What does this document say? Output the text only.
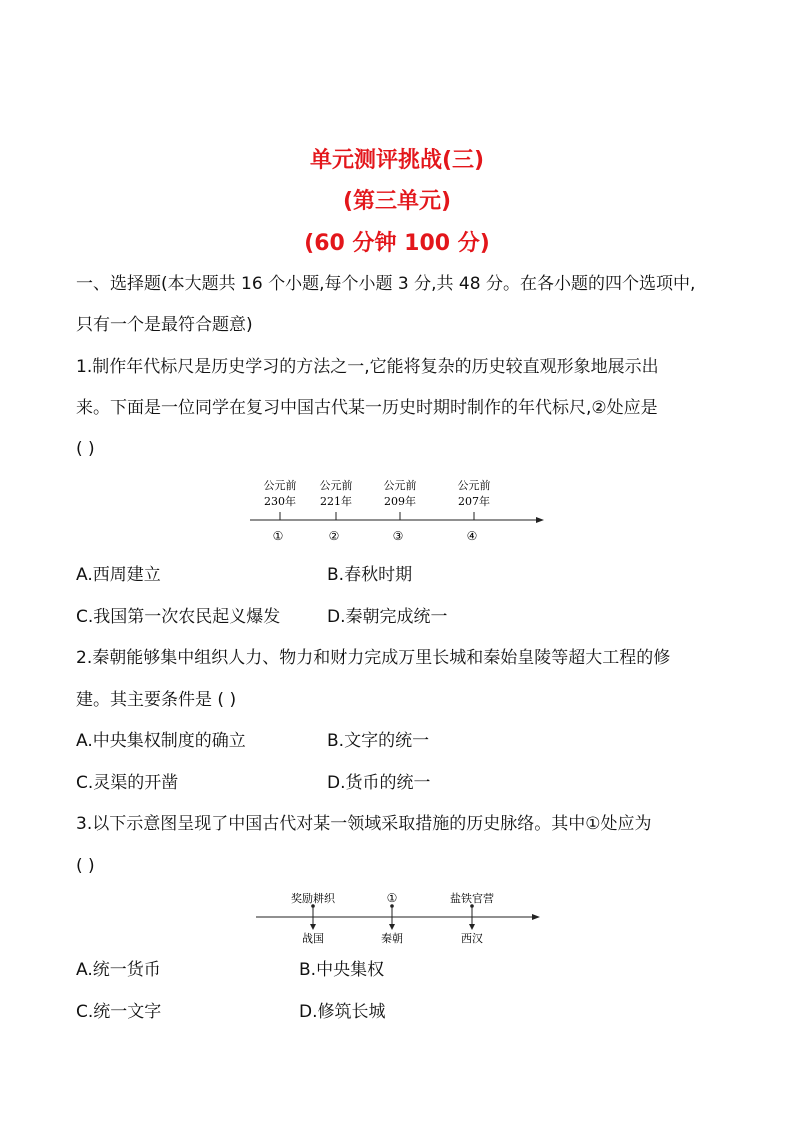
单元测评挑战(三)
(第三单元)
(60 分钟 100 分)
一、选择题(本大题共 16 个小题,每个小题 3 分,共 48 分。在各小题的四个选项中,
只有一个是最符合题意)
1.制作年代标尺是历史学习的方法之一,它能将复杂的历史较直观形象地展示出
来。下面是一位同学在复习中国古代某一历史时期时制作的年代标尺,②处应是
( )
公元前
230年
①
公元前
221年
②
公元前
209年
③
公元前
207年
④
A.西周建立	B.春秋时期
C.我国第一次农民起义爆发	D.秦朝完成统一
2.秦朝能够集中组织人力、物力和财力完成万里长城和秦始皇陵等超大工程的修
建。其主要条件是 ( )
A.中央集权制度的确立	B.文字的统一
C.灵渠的开凿	D.货币的统一
3.以下示意图呈现了中国古代对某一领域采取措施的历史脉络。其中①处应为
( )
奖励耕织
战国
①
秦朝
盐铁官营
西汉
A.统一货币	B.中央集权
C.统一文字	D.修筑长城
